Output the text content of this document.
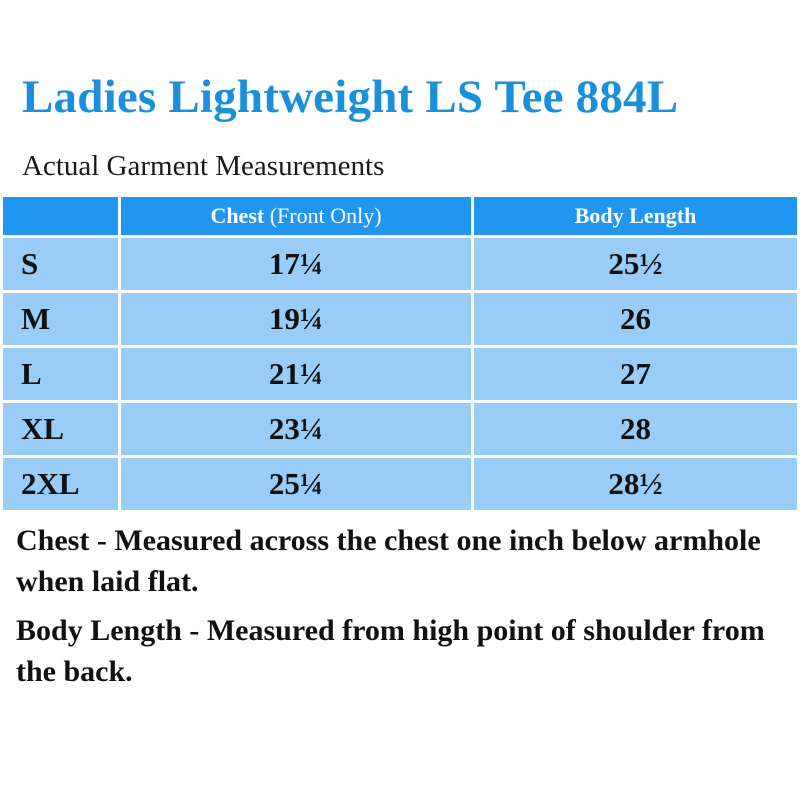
Ladies Lightweight LS Tee 884L
Actual Garment Measurements
	Chest (Front Only)	Body Length
S	17¼	25½
M	19¼	26
L	21¼	27
XL	23¼	28
2XL	25¼	28½
Chest - Measured across the chest one inch below armhole when laid flat.
Body Length - Measured from high point of shoulder from the back.
